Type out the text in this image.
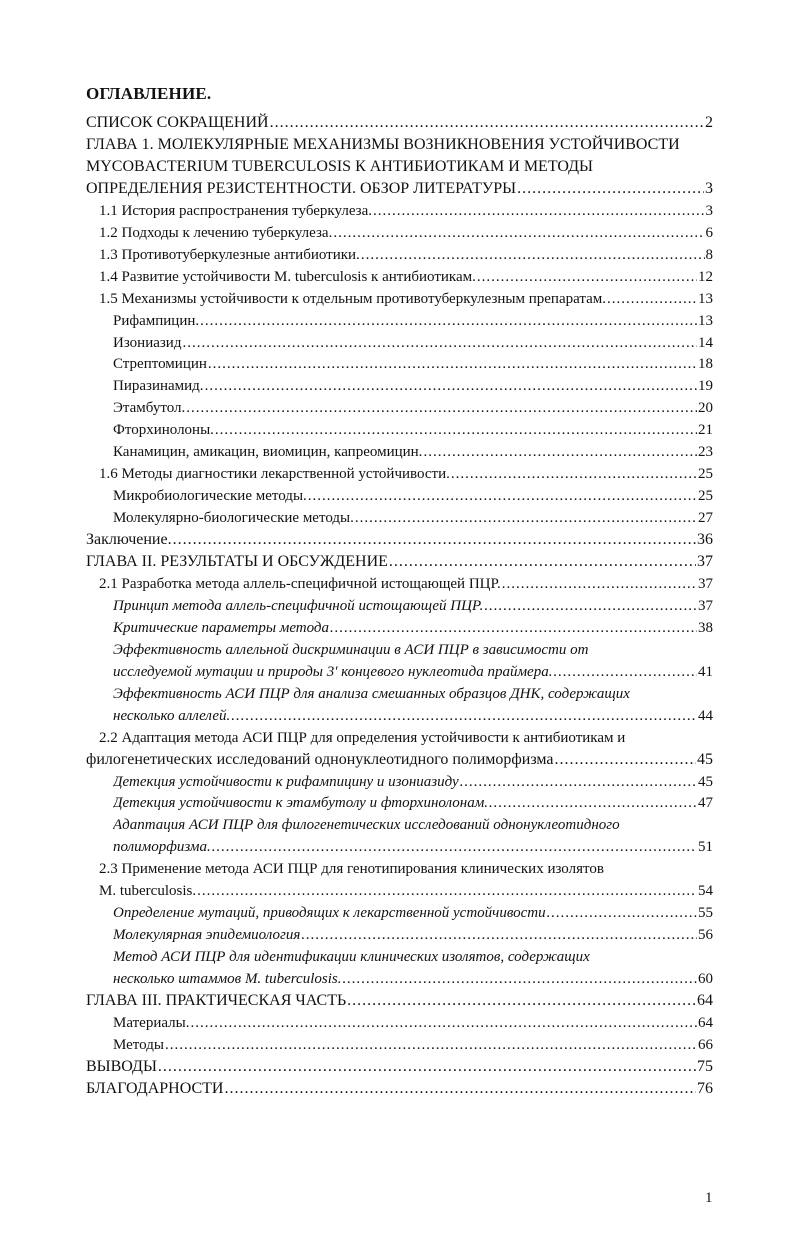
ОГЛАВЛЕНИЕ.
СПИСОК СОКРАЩЕНИЙ .....	2
ГЛАВА 1. МОЛЕКУЛЯРНЫЕ МЕХАНИЗМЫ ВОЗНИКНОВЕНИЯ УСТОЙЧИВОСТИ
MYCOBACTERIUM TUBERCULOSIS К АНТИБИОТИКАМ И МЕТОДЫ
ОПРЕДЕЛЕНИЯ РЕЗИСТЕНТНОСТИ. ОБЗОР ЛИТЕРАТУРЫ .....	3
1.1 История распространения туберкулеза. .....	3
1.2 Подходы к лечению туберкулеза. .....	6
1.3 Противотуберкулезные антибиотики. .....	8
1.4 Развитие устойчивости M. tuberculosis к антибиотикам. .....	12
1.5 Механизмы устойчивости к отдельным противотуберкулезным препаратам. .....	13
Рифампицин. .....	13
Изониазид .....	14
Стрептомицин .....	18
Пиразинамид. .....	19
Этамбутол. .....	20
Фторхинолоны. .....	21
Канамицин, амикацин, виомицин, капреомицин. .....	23
1.6 Методы диагностики лекарственной устойчивости. .....	25
Микробиологические методы. .....	25
Молекулярно-биологические методы. .....	27
Заключение. .....	36
ГЛАВА II. РЕЗУЛЬТАТЫ И ОБСУЖДЕНИЕ .....	37
2.1 Разработка метода аллель-специфичной истощающей ПЦР. .....	37
Принцип метода аллель-специфичной истощающей ПЦР. .....	37
Критические параметры метода .....	38
Эффективность аллельной дискриминации в АСИ ПЦР в зависимости от
исследуемой мутации и природы 3' концевого нуклеотида праймера. .....	41
Эффективность АСИ ПЦР для анализа смешанных образцов ДНК, содержащих
несколько аллелей. .....	44
2.2 Адаптация метода АСИ ПЦР для определения устойчивости к антибиотикам и
филогенетических исследований однонуклеотидного полиморфизма .....	45
Детекция устойчивости к рифампицину и изониазиду .....	45
Детекция устойчивости к этамбутолу и фторхинолонам. .....	47
Адаптация АСИ ПЦР для филогенетических исследований однонуклеотидного
полиморфизма. .....	51
2.3 Применение метода АСИ ПЦР для генотипирования клинических изолятов
M. tuberculosis. .....	54
Определение мутаций, приводящих к лекарственной устойчивости .....	55
Молекулярная эпидемиология .....	56
Метод АСИ ПЦР для идентификации клинических изолятов, содержащих
несколько штаммов M. tuberculosis. .....	60
ГЛАВА III. ПРАКТИЧЕСКАЯ ЧАСТЬ .....	64
Материалы. .....	64
Методы .....	66
ВЫВОДЫ .....	75
БЛАГОДАРНОСТИ .....	76
1
